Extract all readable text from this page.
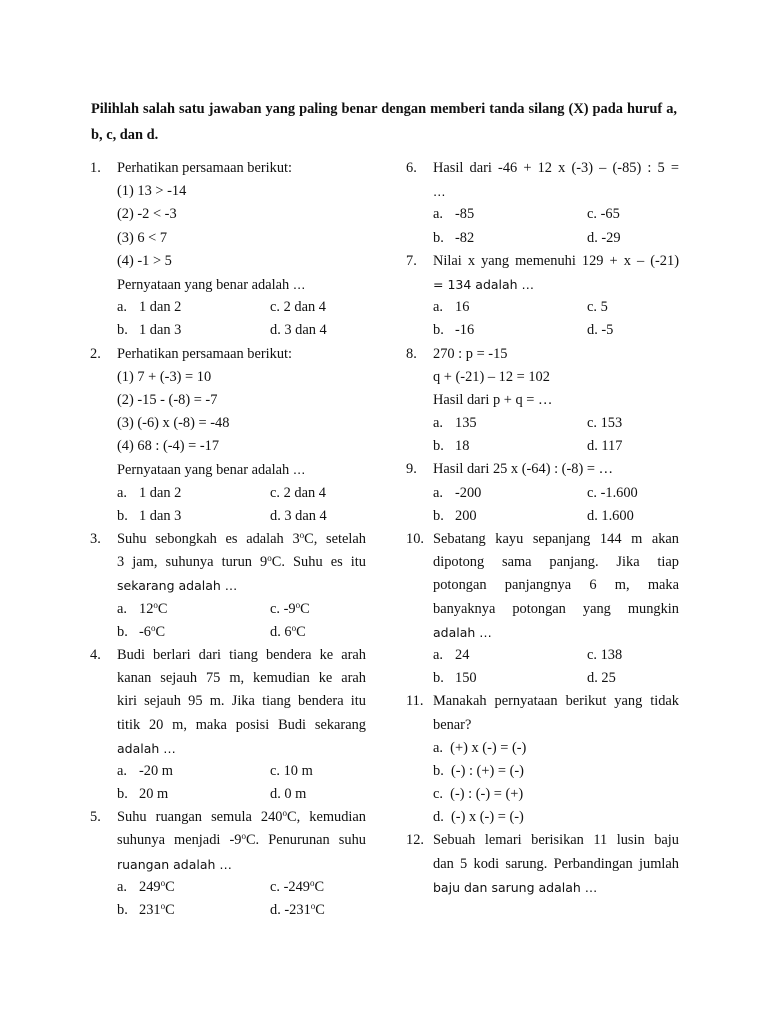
Pilihlah salah satu jawaban yang paling benar dengan memberi tanda silang (X) pada huruf a, b, c, dan d.
1. Perhatikan persamaan berikut:
(1) 13 > -14
(2) -2 < -3
(3) 6 < 7
(4) -1 > 5
Pernyataan yang benar adalah …
a. 1 dan 2	c. 2 dan 4
b. 1 dan 3	d. 3 dan 4
2. Perhatikan persamaan berikut:
(1) 7 + (-3) = 10
(2) -15 - (-8) = -7
(3) (-6) x (-8) = -48
(4) 68 : (-4) = -17
Pernyataan yang benar adalah …
a. 1 dan 2	c. 2 dan 4
b. 1 dan 3	d. 3 dan 4
3. Suhu sebongkah es adalah 3$^o$C, setelah
3 jam, suhunya turun 9$^o$C. Suhu es itu
sekarang adalah …
a. 12$^o$C	c. -9$^o$C
b. -6$^o$C	d. 6$^o$C
4. Budi berlari dari tiang bendera ke arah
kanan sejauh 75 m, kemudian ke arah
kiri sejauh 95 m. Jika tiang bendera itu
titik 20 m, maka posisi Budi sekarang
adalah …
a. -20 m	c. 10 m
b. 20 m	d. 0 m
5. Suhu ruangan semula 240$^o$C, kemudian
suhunya menjadi -9$^o$C. Penurunan suhu
ruangan adalah …
a. 249$^o$C	c. -249$^o$C
b. 231$^o$C	d. -231$^o$C
6. Hasil dari -46 + 12 x (-3) – (-85) : 5 =
…
a. -85	c. -65
b. -82	d. -29
7. Nilai x yang memenuhi 129 + x – (-21)
= 134 adalah …
a. 16	c. 5
b. -16	d. -5
8. 270 : p = -15
q + (-21) – 12 = 102
Hasil dari p + q = …
a. 135	c. 153
b. 18	d. 117
9. Hasil dari 25 x (-64) : (-8) = …
a. -200	c. -1.600
b. 200	d. 1.600
10. Sebatang kayu sepanjang 144 m akan
dipotong sama panjang. Jika tiap
potongan panjangnya 6 m, maka
banyaknya potongan yang mungkin
adalah …
a. 24	c. 138
b. 150	d. 25
11. Manakah pernyataan berikut yang tidak
benar?
a.  (+) x (-) = (-)
b.  (-) : (+) = (-)
c.  (-) : (-) = (+)
d.  (-) x (-) = (-)
12. Sebuah lemari berisikan 11 lusin baju
dan 5 kodi sarung. Perbandingan jumlah
baju dan sarung adalah …
